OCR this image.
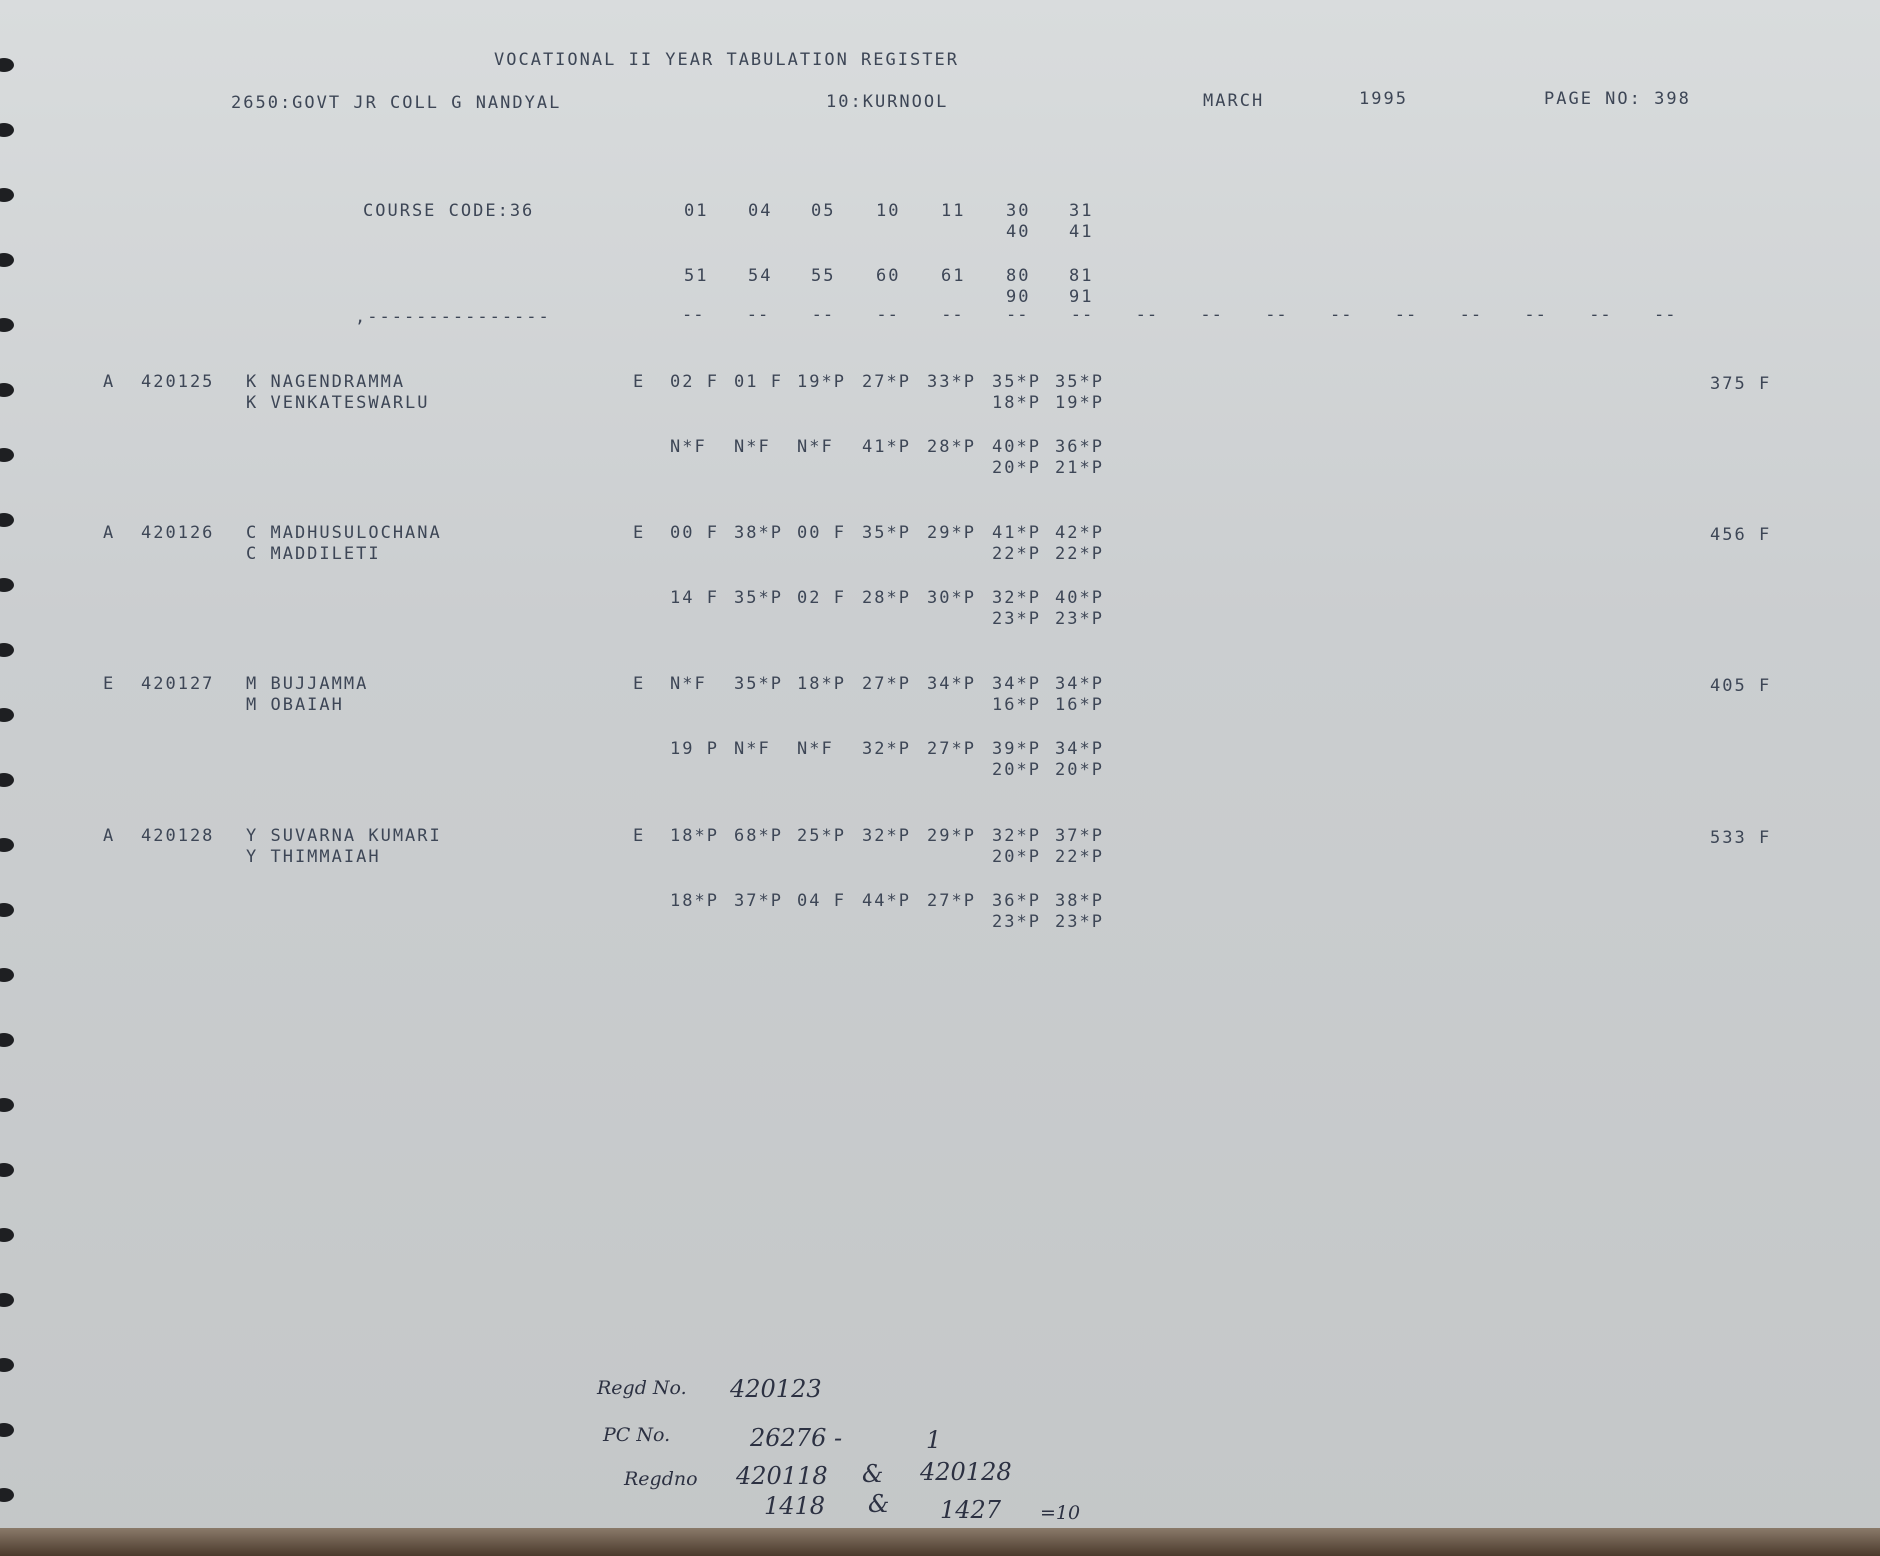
VOCATIONAL II YEAR TABULATION REGISTER
2650:GOVT JR COLL G NANDYAL	10:KURNOOL	MARCH	1995	PAGE NO: 398
COURSE CODE:36
,---------------
01 04 05 10 11 30 31
40 41
51 54 55 60 61 80 81
90 91
-- -- -- -- -- -- -- -- -- -- -- -- -- -- -- --
A 420125 K NAGENDRAMMA
K VENKATESWARLU
E 02 F 01 F 19*P 27*P 33*P 35*P 35*P
18*P 19*P
N*F N*F N*F 41*P 28*P 40*P 36*P
20*P 21*P
375 F
A 420126 C MADHUSULOCHANA
C MADDILETI
E 00 F 38*P 00 F 35*P 29*P 41*P 42*P
22*P 22*P
14 F 35*P 02 F 28*P 30*P 32*P 40*P
23*P 23*P
456 F
E 420127 M BUJJAMMA
M OBAIAH
E N*F 35*P 18*P 27*P 34*P 34*P 34*P
16*P 16*P
19 P N*F N*F 32*P 27*P 39*P 34*P
20*P 20*P
405 F
A 420128 Y SUVARNA KUMARI
Y THIMMAIAH
E 18*P 68*P 25*P 32*P 29*P 32*P 37*P
20*P 22*P
18*P 37*P 04 F 44*P 27*P 36*P 38*P
23*P 23*P
533 F
Regd No. 420123
PC No.	26276 -	1
Regdno 420118 & 420128
1418 & 1427 =10
